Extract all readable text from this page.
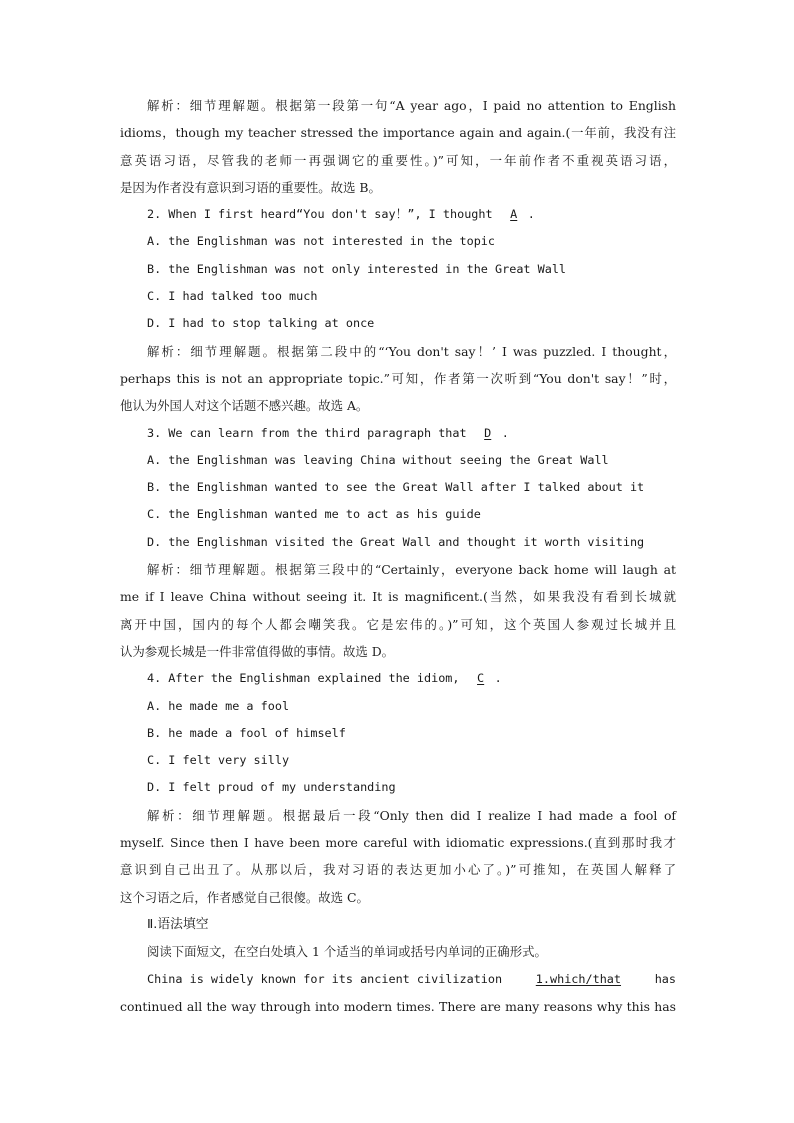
解析：细节理解题。根据第一段第一句“A year ago，I paid no attention to English
idioms，though my teacher stressed the importance again and again.(一年前，我没有注
意英语习语，尽管我的老师一再强调它的重要性。)”可知，一年前作者不重视英语习语，
是因为作者没有意识到习语的重要性。故选 B。
2. When I first heard“You don't say！”, I thought A .
A. the Englishman was not interested in the topic
B. the Englishman was not only interested in the Great Wall
C. I had talked too much
D. I had to stop talking at once
解析：细节理解题。根据第二段中的“‘You don't say！’ I was puzzled. I thought，
perhaps this is not an appropriate topic.”可知，作者第一次听到“You don't say！”时，
他认为外国人对这个话题不感兴趣。故选 A。
3. We can learn from the third paragraph that D .
A. the Englishman was leaving China without seeing the Great Wall
B. the Englishman wanted to see the Great Wall after I talked about it
C. the Englishman wanted me to act as his guide
D. the Englishman visited the Great Wall and thought it worth visiting
解析：细节理解题。根据第三段中的“Certainly，everyone back home will laugh at
me if I leave China without seeing it. It is magnificent.(当然，如果我没有看到长城就
离开中国，国内的每个人都会嘲笑我。它是宏伟的。)”可知，这个英国人参观过长城并且
认为参观长城是一件非常值得做的事情。故选 D。
4. After the Englishman explained the idiom, C .
A. he made me a fool
B. he made a fool of himself
C. I felt very silly
D. I felt proud of my understanding
解析：细节理解题。根据最后一段“Only then did I realize I had made a fool of
myself. Since then I have been more careful with idiomatic expressions.(直到那时我才
意识到自己出丑了。从那以后，我对习语的表达更加小心了。)”可推知，在英国人解释了
这个习语之后，作者感觉自己很傻。故选 C。
Ⅱ.语法填空
阅读下面短文，在空白处填入 1 个适当的单词或括号内单词的正确形式。
China is widely known for its ancient civilization	1.which/that	has
continued all the way through into modern times. There are many reasons why this has
